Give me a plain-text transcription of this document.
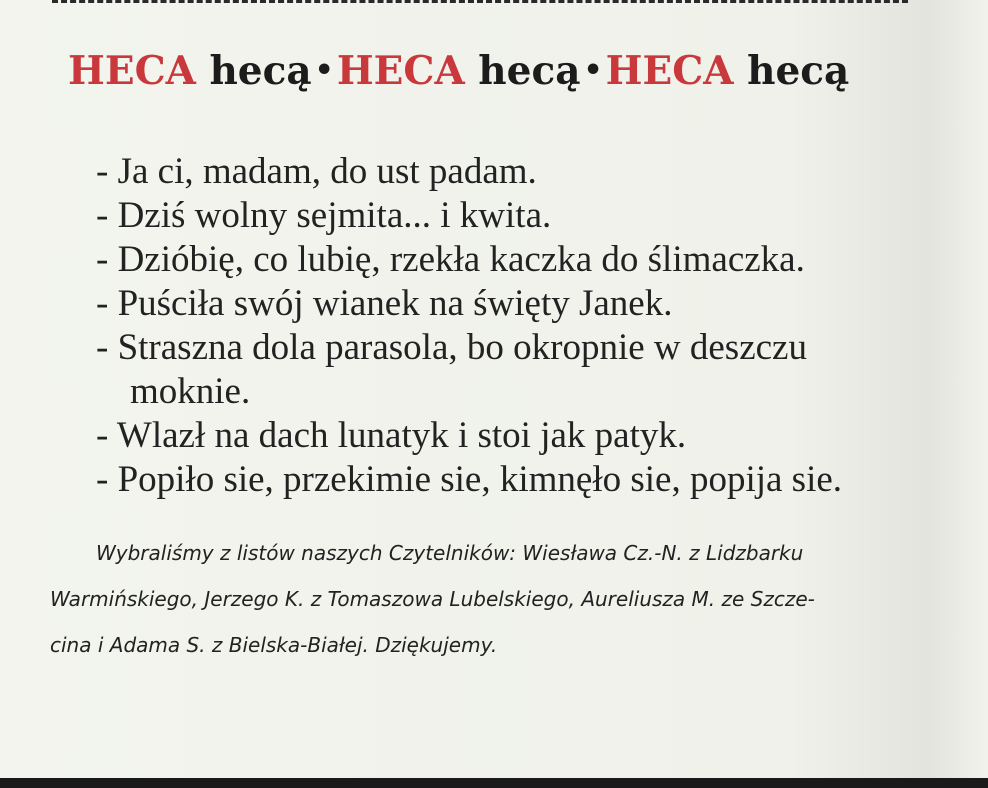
HECA hecą •HECA hecą •HECA hecą
- Ja ci, madam, do ust padam.
- Dziś wolny sejmita... i kwita.
- Dzióbię, co lubię, rzekła kaczka do ślimaczka.
- Puściła swój wianek na święty Janek.
- Straszna dola parasola, bo okropnie w deszczu
moknie.
- Wlazł na dach lunatyk i stoi jak patyk.
- Popiło sie, przekimie sie, kimnęło sie, popija sie.

Wybraliśmy z listów naszych Czytelników: Wiesława Cz.-N. z Lidzbarku
Warmińskiego, Jerzego K. z Tomaszowa Lubelskiego, Aureliusza M. ze Szcze-
cina i Adama S. z Bielska-Białej. Dziękujemy.
